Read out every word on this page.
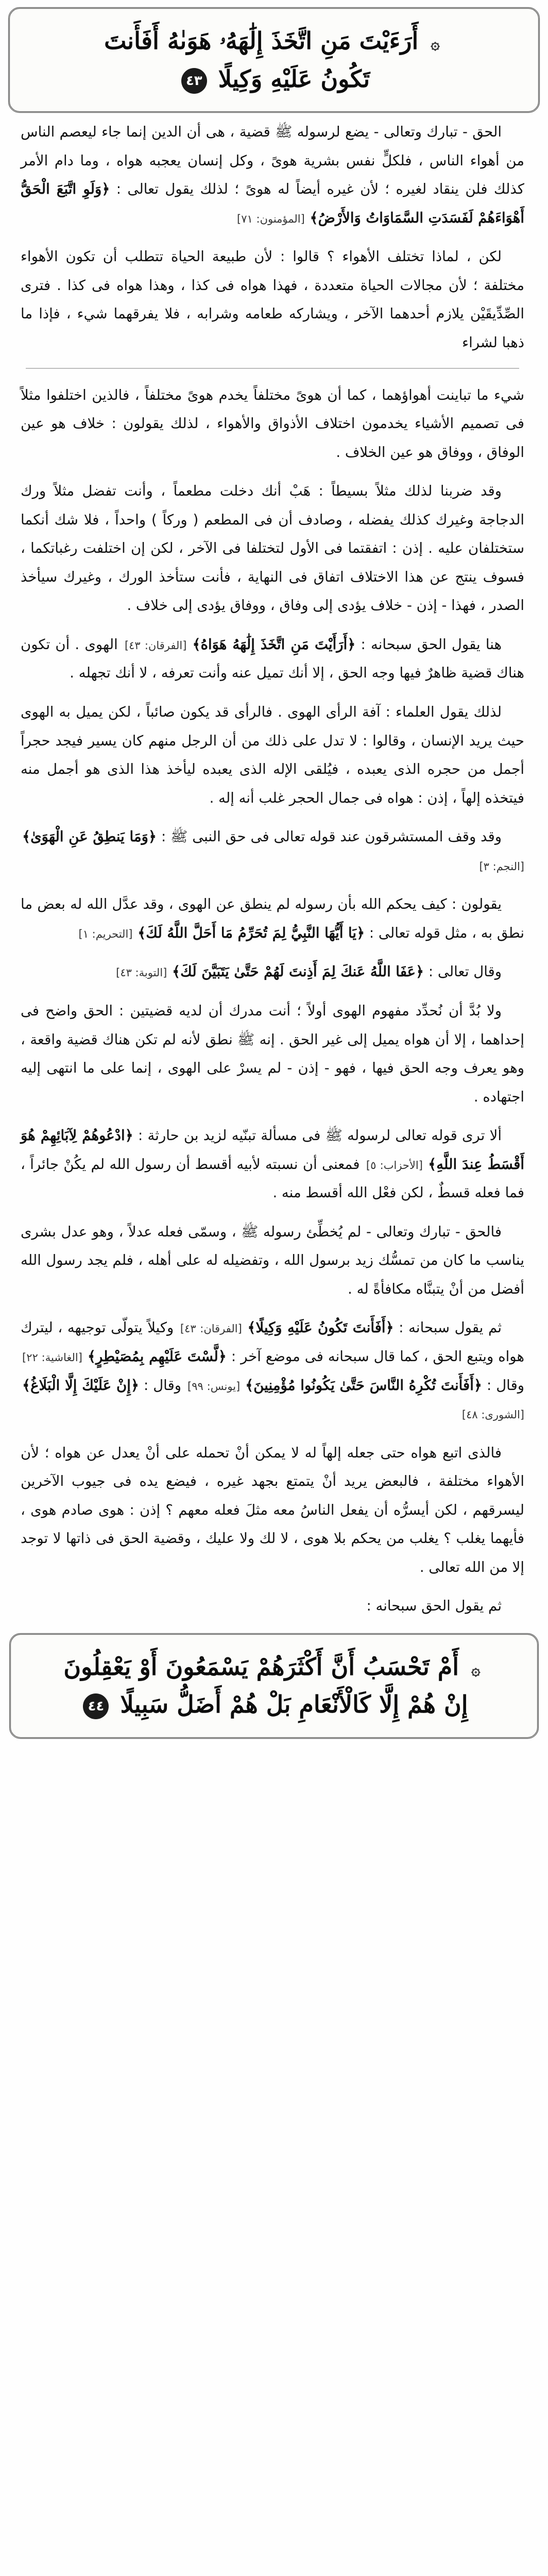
۞ أَرَءَيْتَ مَنِ اتَّخَذَ إِلَٰهَهُۥ هَوَىٰهُ أَفَأَنتَ
تَكُونُ عَلَيْهِ وَكِيلًا ٤٣

الحق - تبارك وتعالى - يضع لرسوله ﷺ قضية ، هى أن الدين إنما جاء ليعصم الناس من أهواء الناس ، فلكلٍّ نفس بشرية هوىً ، وكل إنسان يعجبه هواه ، وما دام الأمر كذلك فلن ينقاد لغيره ؛ لأن غيره أيضاً له هوىً ؛ لذلك يقول تعالى : ﴿وَلَوِ اتَّبَعَ الْحَقُّ أَهْوَاءَهُمْ لَفَسَدَتِ السَّمَاوَاتُ وَالأَرْضُ﴾ [المؤمنون: ٧١]

لكن ، لماذا تختلف الأهواء ؟ قالوا : لأن طبيعة الحياة تتطلب أن تكون الأهواء مختلفة ؛ لأن مجالات الحياة متعددة ، فهذا هواه فى كذا ، وهذا هواه فى كذا . فترى الصِّدِّيقَيْن يلازم أحدهما الآخر ، ويشاركه طعامه وشرابه ، فلا يفرقهما شيء ، فإذا ما ذهبا لشراء

شيء ما تباينت أهواؤهما ، كما أن هوىً مختلفاً يخدم هوىً مختلفاً ، فالذين اختلفوا مثلاً فى تصميم الأشياء يخدمون اختلاف الأذواق والأهواء ، لذلك يقولون : خلاف هو عين الوفاق ، ووفاق هو عين الخلاف .

وقد ضربنا لذلك مثلاً بسيطاً : هَبْ أنك دخلت مطعماً ، وأنت تفضل مثلاً ورك الدجاجة وغيرك كذلك يفضله ، وصادف أن فى المطعم ( وركاً ) واحداً ، فلا شك أنكما ستختلفان عليه . إذن : اتفقتما فى الأول لتختلفا فى الآخر ، لكن إن اختلفت رغباتكما ، فسوف ينتج عن هذا الاختلاف اتفاق فى النهاية ، فأنت ستأخذ الورك ، وغيرك سيأخذ الصدر ، فهذا - إذن - خلاف يؤدى إلى وفاق ، ووفاق يؤدى إلى خلاف .

هنا يقول الحق سبحانه : ﴿أَرَأَيْتَ مَنِ اتَّخَذَ إِلَٰهَهُ هَوَاهُ﴾ [الفرقان: ٤٣] الهوى . أن تكون هناك قضية ظاهرٌ فيها وجه الحق ، إلا أنك تميل عنه وأنت تعرفه ، لا أنك تجهله .

لذلك يقول العلماء : آفة الرأى الهوى . فالرأى قد يكون صائباً ، لكن يميل به الهوى حيث يريد الإنسان ، وقالوا : لا تدل على ذلك من أن الرجل منهم كان يسير فيجد حجراً أجمل من حجره الذى يعبده ، فيُلقى الإله الذى يعبده ليأخذ هذا الذى هو أجمل منه فيتخذه إلهاً ، إذن : هواه فى جمال الحجر غلب أنه إله .

وقد وقف المستشرقون عند قوله تعالى فى حق النبى ﷺ : ﴿وَمَا يَنطِقُ عَنِ الْهَوَىٰ﴾ [النجم: ٣]

يقولون : كيف يحكم الله بأن رسوله لم ينطق عن الهوى ، وقد عدَّل الله له بعض ما نطق به ، مثل قوله تعالى : ﴿يَا أَيُّهَا النَّبِيُّ لِمَ تُحَرِّمُ مَا أَحَلَّ اللَّهُ لَكَ﴾ [التحريم: ١]

وقال تعالى : ﴿عَفَا اللَّهُ عَنكَ لِمَ أَذِنتَ لَهُمْ حَتَّىٰ يَتَبَيَّنَ لَكَ﴾ [التوبة: ٤٣]

ولا بُدَّ أن نُحدِّد مفهوم الهوى أولاً ؛ أنت مدرك أن لديه قضيتين : الحق واضح فى إحداهما ، إلا أن هواه يميل إلى غير الحق . إنه ﷺ نطق لأنه لم تكن هناك قضية واقعة ، وهو يعرف وجه الحق فيها ، فهو - إذن - لم يسرْ على الهوى ، إنما على ما انتهى إليه اجتهاده .

ألا ترى قوله تعالى لرسوله ﷺ فى مسألة تبنّيه لزيد بن حارثة : ﴿ادْعُوهُمْ لِآبَائِهِمْ هُوَ أَقْسَطُ عِندَ اللَّهِ﴾ [الأحزاب: ٥] فمعنى أن نسبته لأبيه أقسط أن رسول الله لم يكُنْ جائراً ، فما فعله قسطٌ ، لكن فعْل الله أقسط منه .

فالحق - تبارك وتعالى - لم يُخطِّئ رسوله ﷺ ، وسمّى فعله عدلاً ، وهو عدل بشرى يناسب ما كان من تمسُّك زيد برسول الله ، وتفضيله له على أهله ، فلم يجد رسول الله أفضل من أنْ يتبنَّاه مكافأةً له .

ثم يقول سبحانه : ﴿أَفَأَنتَ تَكُونُ عَلَيْهِ وَكِيلًا﴾ [الفرقان: ٤٣] وكيلاً يتولّى توجيهه ، ليترك هواه ويتبع الحق ، كما قال سبحانه فى موضع آخر : ﴿لَّسْتَ عَلَيْهِم بِمُصَيْطِرٍ﴾ [الغاشية: ٢٢] وقال : ﴿أَفَأَنتَ تُكْرِهُ النَّاسَ حَتَّىٰ يَكُونُوا مُؤْمِنِينَ﴾ [يونس: ٩٩] وقال : ﴿إِنْ عَلَيْكَ إِلَّا الْبَلَاغُ﴾ [الشورى: ٤٨]

فالذى اتبع هواه حتى جعله إلهاً له لا يمكن أنْ تحمله على أنْ يعدل عن هواه ؛ لأن الأهواء مختلفة ، فالبعض يريد أنْ يتمتع بجهد غيره ، فيضع يده فى جيوب الآخرين ليسرقهم ، لكن أيسرُّه أن يفعل الناسُ معه مثلَ فعله معهم ؟ إذن : هوى صادم هوى ، فأيهما يغلب ؟ يغلب من يحكم بلا هوى ، لا لك ولا عليك ، وقضية الحق فى ذاتها لا توجد إلا من الله تعالى .

ثم يقول الحق سبحانه :

۞ أَمْ تَحْسَبُ أَنَّ أَكْثَرَهُمْ يَسْمَعُونَ أَوْ يَعْقِلُونَ
إِنْ هُمْ إِلَّا كَالْأَنْعَامِ بَلْ هُمْ أَضَلُّ سَبِيلًا ٤٤
